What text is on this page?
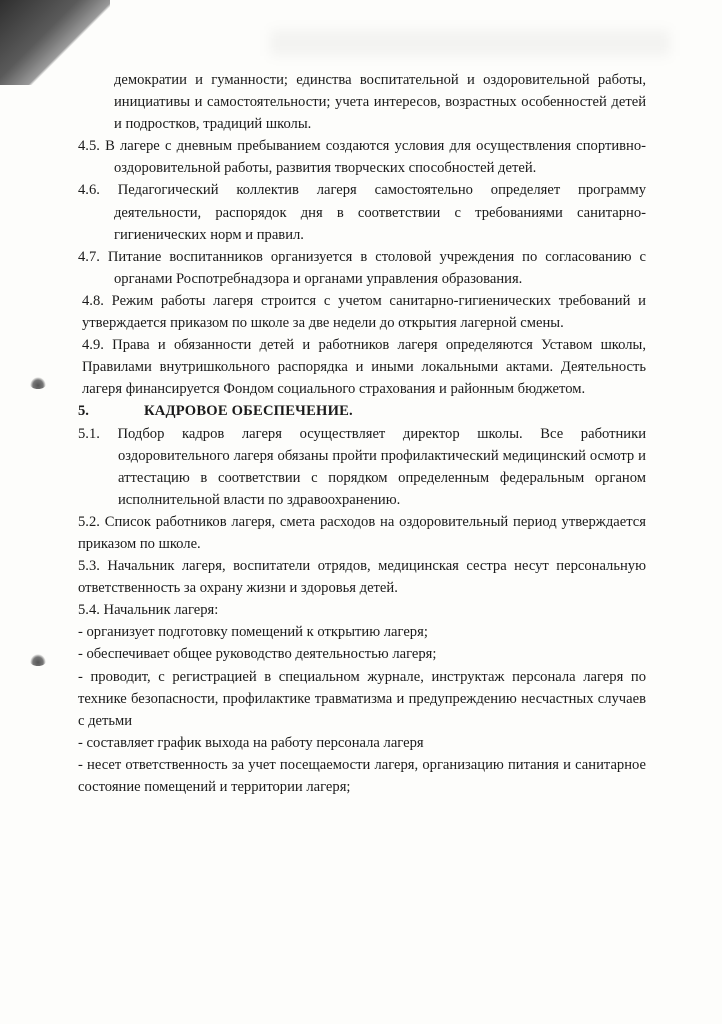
демократии и гуманности; единства воспитательной и оздоровительной работы, инициативы и самостоятельности; учета интересов, возрастных особенностей детей и подростков, традиций школы.

4.5. В лагере с дневным пребыванием создаются условия для осуществления спортивно-оздоровительной работы, развития творческих способностей детей.

4.6. Педагогический коллектив лагеря самостоятельно определяет программу деятельности, распорядок дня в соответствии с требованиями санитарно-гигиенических норм и правил.

4.7. Питание воспитанников организуется в столовой учреждения по согласованию с органами Роспотребнадзора и органами управления образования.

4.8. Режим работы лагеря строится с учетом санитарно-гигиенических требований и утверждается приказом по школе за две недели до открытия лагерной смены.

4.9. Права и обязанности детей и работников лагеря определяются Уставом школы, Правилами внутришкольного распорядка и иными локальными актами. Деятельность лагеря финансируется Фондом социального страхования и районным бюджетом.

5.	КАДРОВОЕ ОБЕСПЕЧЕНИЕ.

5.1. Подбор кадров лагеря осуществляет директор школы. Все работники оздоровительного лагеря обязаны пройти профилактический медицинский осмотр и аттестацию в соответствии с порядком определенным федеральным органом исполнительной власти по здравоохранению.

5.2. Список работников лагеря, смета расходов на оздоровительный период утверждается приказом по школе.

5.3. Начальник лагеря, воспитатели отрядов, медицинская сестра несут персональную ответственность за охрану жизни и здоровья детей.

5.4. Начальник лагеря:

- организует подготовку помещений к открытию лагеря;

- обеспечивает общее руководство деятельностью лагеря;

- проводит, с регистрацией в специальном журнале, инструктаж персонала лагеря по технике безопасности, профилактике травматизма и предупреждению несчастных случаев с детьми

- составляет график выхода на работу персонала лагеря

- несет ответственность за учет посещаемости лагеря, организацию питания и санитарное состояние помещений и территории лагеря;
